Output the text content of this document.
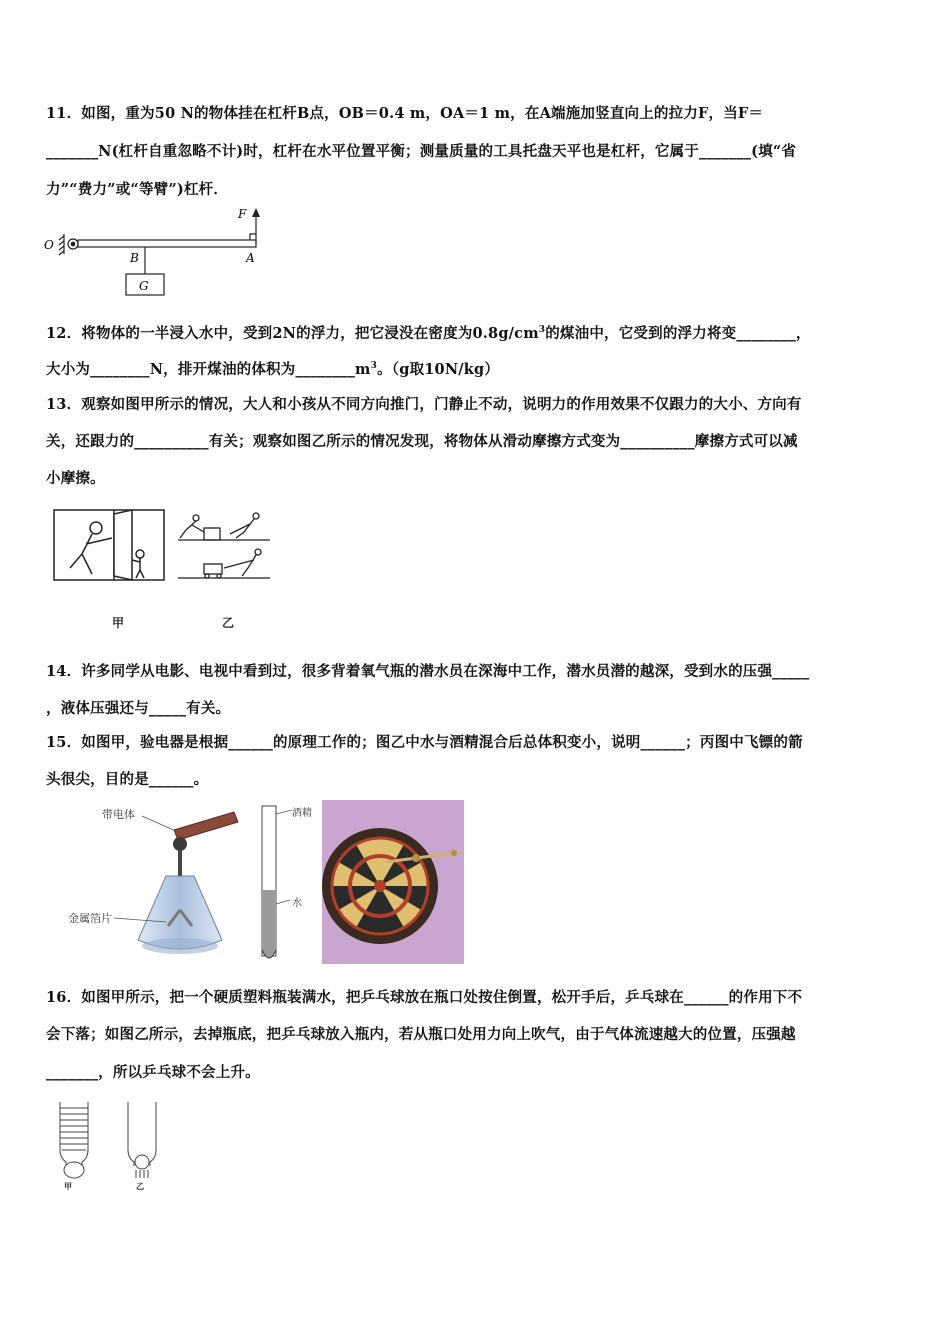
11．如图，重为50 N的物体挂在杠杆B点，OB＝0.4 m，OA＝1 m，在A端施加竖直向上的拉力F，当F＝
_______N(杠杆自重忽略不计)时，杠杆在水平位置平衡；测量质量的工具托盘天平也是杠杆，它属于_______(填“省
力”“费力”或“等臂”)杠杆．
F
O
B	A
G
12．将物体的一半浸入水中，受到2N的浮力，把它浸没在密度为$0.8g/cm^3$的煤油中，它受到的浮力将变________，
大小为________N，排开煤油的体积为$\_\_\_\_\_\_\_\_m^3$。（g取10N/kg）
13．观察如图甲所示的情况，大人和小孩从不同方向推门，门静止不动，说明力的作用效果不仅跟力的大小、方向有
关，还跟力的__________有关；观察如图乙所示的情况发现，将物体从滑动摩擦方式变为__________摩擦方式可以减
小摩擦。
甲	乙
14．许多同学从电影、电视中看到过，很多背着氧气瓶的潜水员在深海中工作，潜水员潜的越深，受到水的压强_____
，液体压强还与_____有关。
15．如图甲，验电器是根据______的原理工作的；图乙中水与酒精混合后总体积变小，说明______；丙图中飞镖的箭
头很尖，目的是______。
带电体
金属箔片
酒精
水
16．如图甲所示，把一个硬质塑料瓶装满水，把乒乓球放在瓶口处按住倒置，松开手后，乒乓球在______的作用下不
会下落；如图乙所示，去掉瓶底，把乒乓球放入瓶内，若从瓶口处用力向上吹气，由于气体流速越大的位置，压强越
_______，所以乒乓球不会上升。
甲	乙
